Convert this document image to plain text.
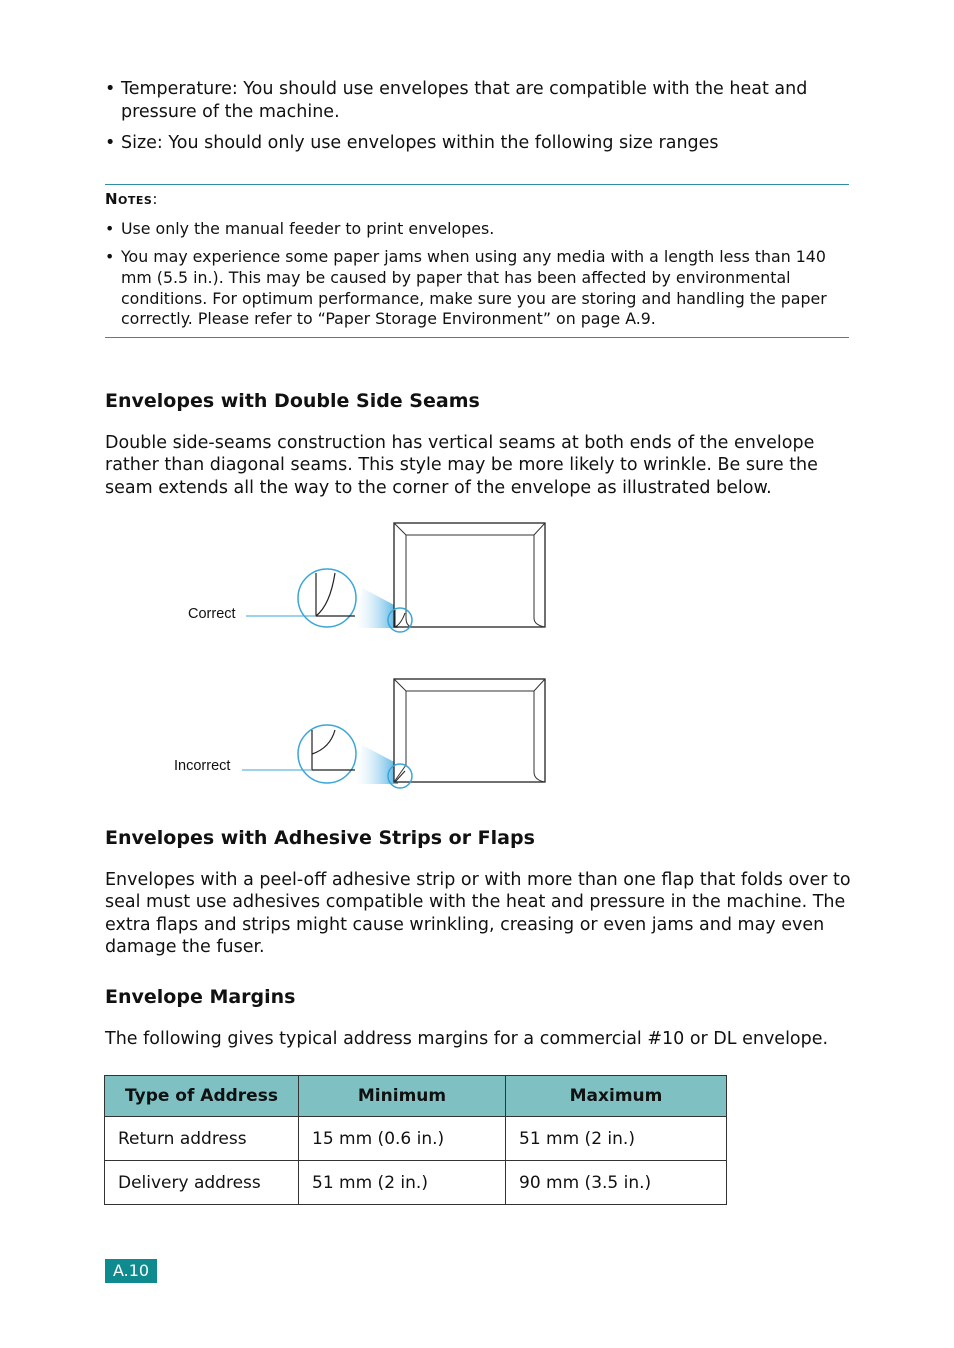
• Temperature: You should use envelopes that are compatible with the heat and pressure of the machine.
• Size: You should only use envelopes within the following size ranges
Notes:
• Use only the manual feeder to print envelopes.
• You may experience some paper jams when using any media with a length less than 140 mm (5.5 in.). This may be caused by paper that has been affected by environmental conditions. For optimum performance, make sure you are storing and handling the paper correctly. Please refer to “Paper Storage Environment” on page A.9.
Envelopes with Double Side Seams

Double side-seams construction has vertical seams at both ends of the envelope rather than diagonal seams. This style may be more likely to wrinkle. Be sure the seam extends all the way to the corner of the envelope as illustrated below.

Correct
Incorrect
Envelopes with Adhesive Strips or Flaps

Envelopes with a peel-off adhesive strip or with more than one flap that folds over to seal must use adhesives compatible with the heat and pressure in the machine. The extra flaps and strips might cause wrinkling, creasing or even jams and may even damage the fuser.

Envelope Margins

The following gives typical address margins for a commercial #10 or DL envelope.

Type of Address	Minimum	Maximum
Return address	15 mm (0.6 in.)	51 mm (2 in.)
Delivery address	51 mm (2 in.)	90 mm (3.5 in.)
A.10
